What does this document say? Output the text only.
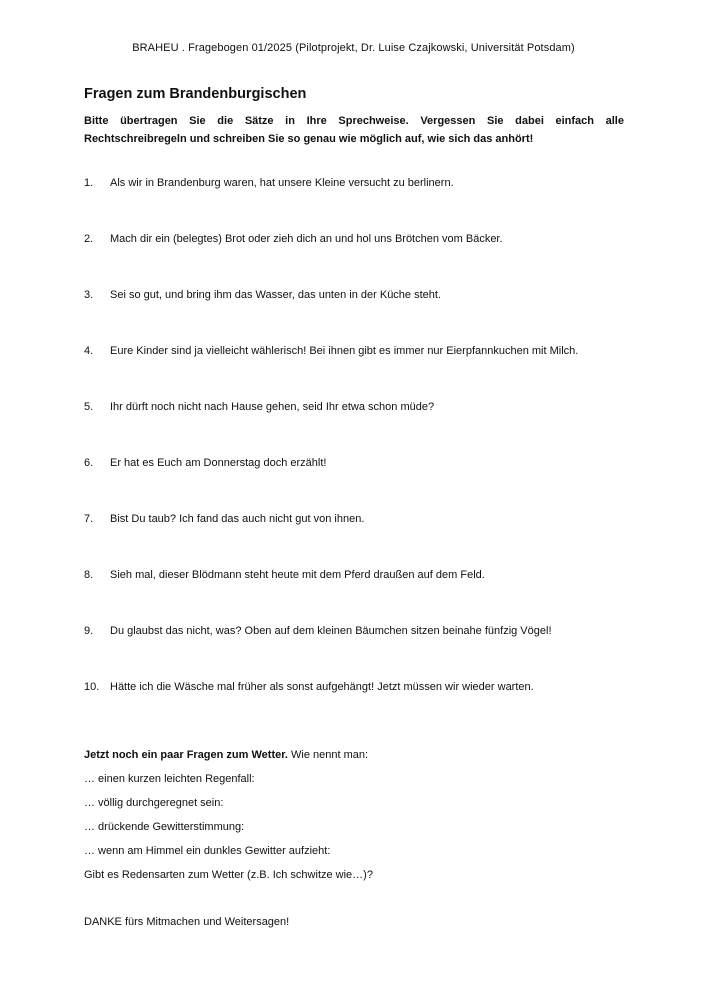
BRAHEU . Fragebogen 01/2025 (Pilotprojekt, Dr. Luise Czajkowski, Universität Potsdam)
Fragen zum Brandenburgischen
Bitte übertragen Sie die Sätze in Ihre Sprechweise. Vergessen Sie dabei einfach alle Rechtschreibregeln und schreiben Sie so genau wie möglich auf, wie sich das anhört!
1.	Als wir in Brandenburg waren, hat unsere Kleine versucht zu berlinern.
2.	Mach dir ein (belegtes) Brot oder zieh dich an und hol uns Brötchen vom Bäcker.
3.	Sei so gut, und bring ihm das Wasser, das unten in der Küche steht.
4.	Eure Kinder sind ja vielleicht wählerisch! Bei ihnen gibt es immer nur Eierpfannkuchen mit Milch.
5.	Ihr dürft noch nicht nach Hause gehen, seid Ihr etwa schon müde?
6.	Er hat es Euch am Donnerstag doch erzählt!
7.	Bist Du taub? Ich fand das auch nicht gut von ihnen.
8.	Sieh mal, dieser Blödmann steht heute mit dem Pferd draußen auf dem Feld.
9.	Du glaubst das nicht, was? Oben auf dem kleinen Bäumchen sitzen beinahe fünfzig Vögel!
10. Hätte ich die Wäsche mal früher als sonst aufgehängt! Jetzt müssen wir wieder warten.
Jetzt noch ein paar Fragen zum Wetter. Wie nennt man:
… einen kurzen leichten Regenfall:
… völlig durchgeregnet sein:
… drückende Gewitterstimmung:
… wenn am Himmel ein dunkles Gewitter aufzieht:
Gibt es Redensarten zum Wetter (z.B. Ich schwitze wie…)?
DANKE fürs Mitmachen und Weitersagen!
